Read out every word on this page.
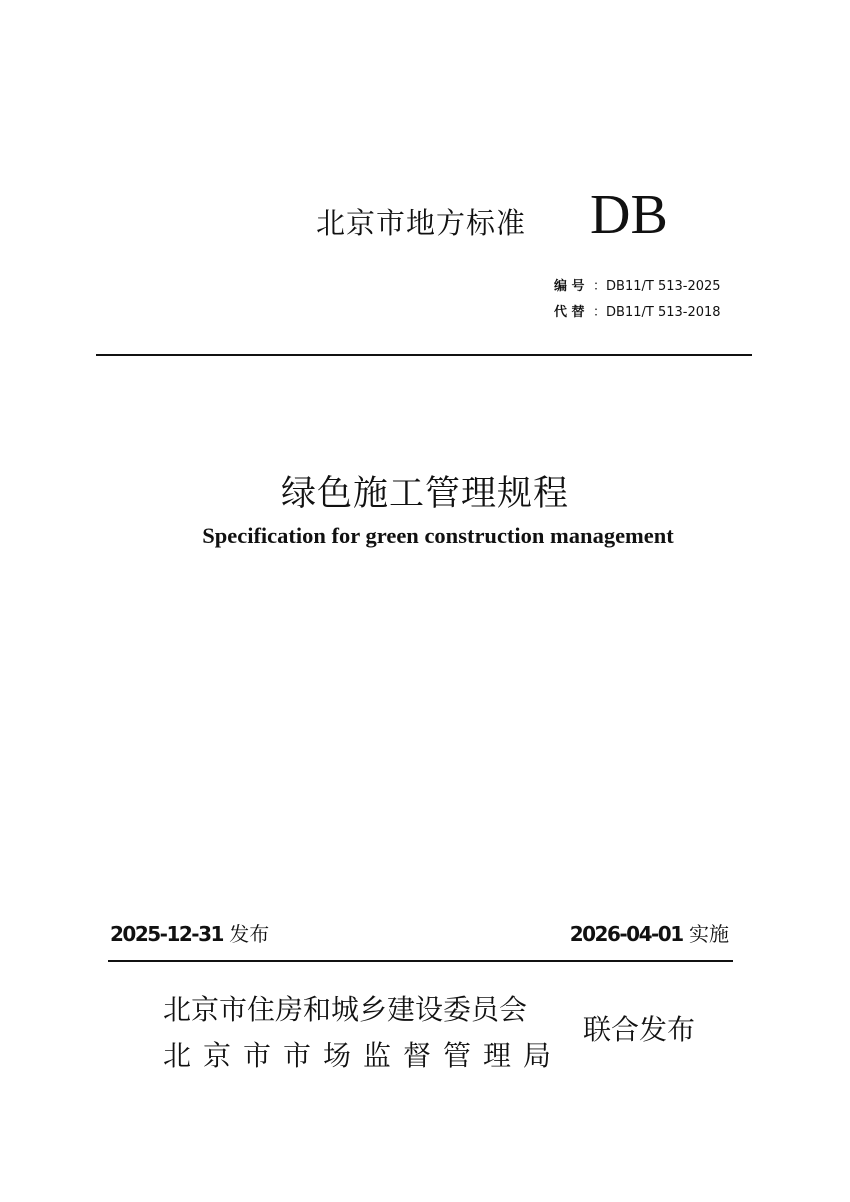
北京市地方标准 DB
编 号 ：DB11/T 513-2025
代 替 ：DB11/T 513-2018
绿色施工管理规程
Specification for green construction management
2025-12-31 发布	2026-04-01 实施
北京市住房和城乡建设委员会
北京市市场监督管理局
联合发布
